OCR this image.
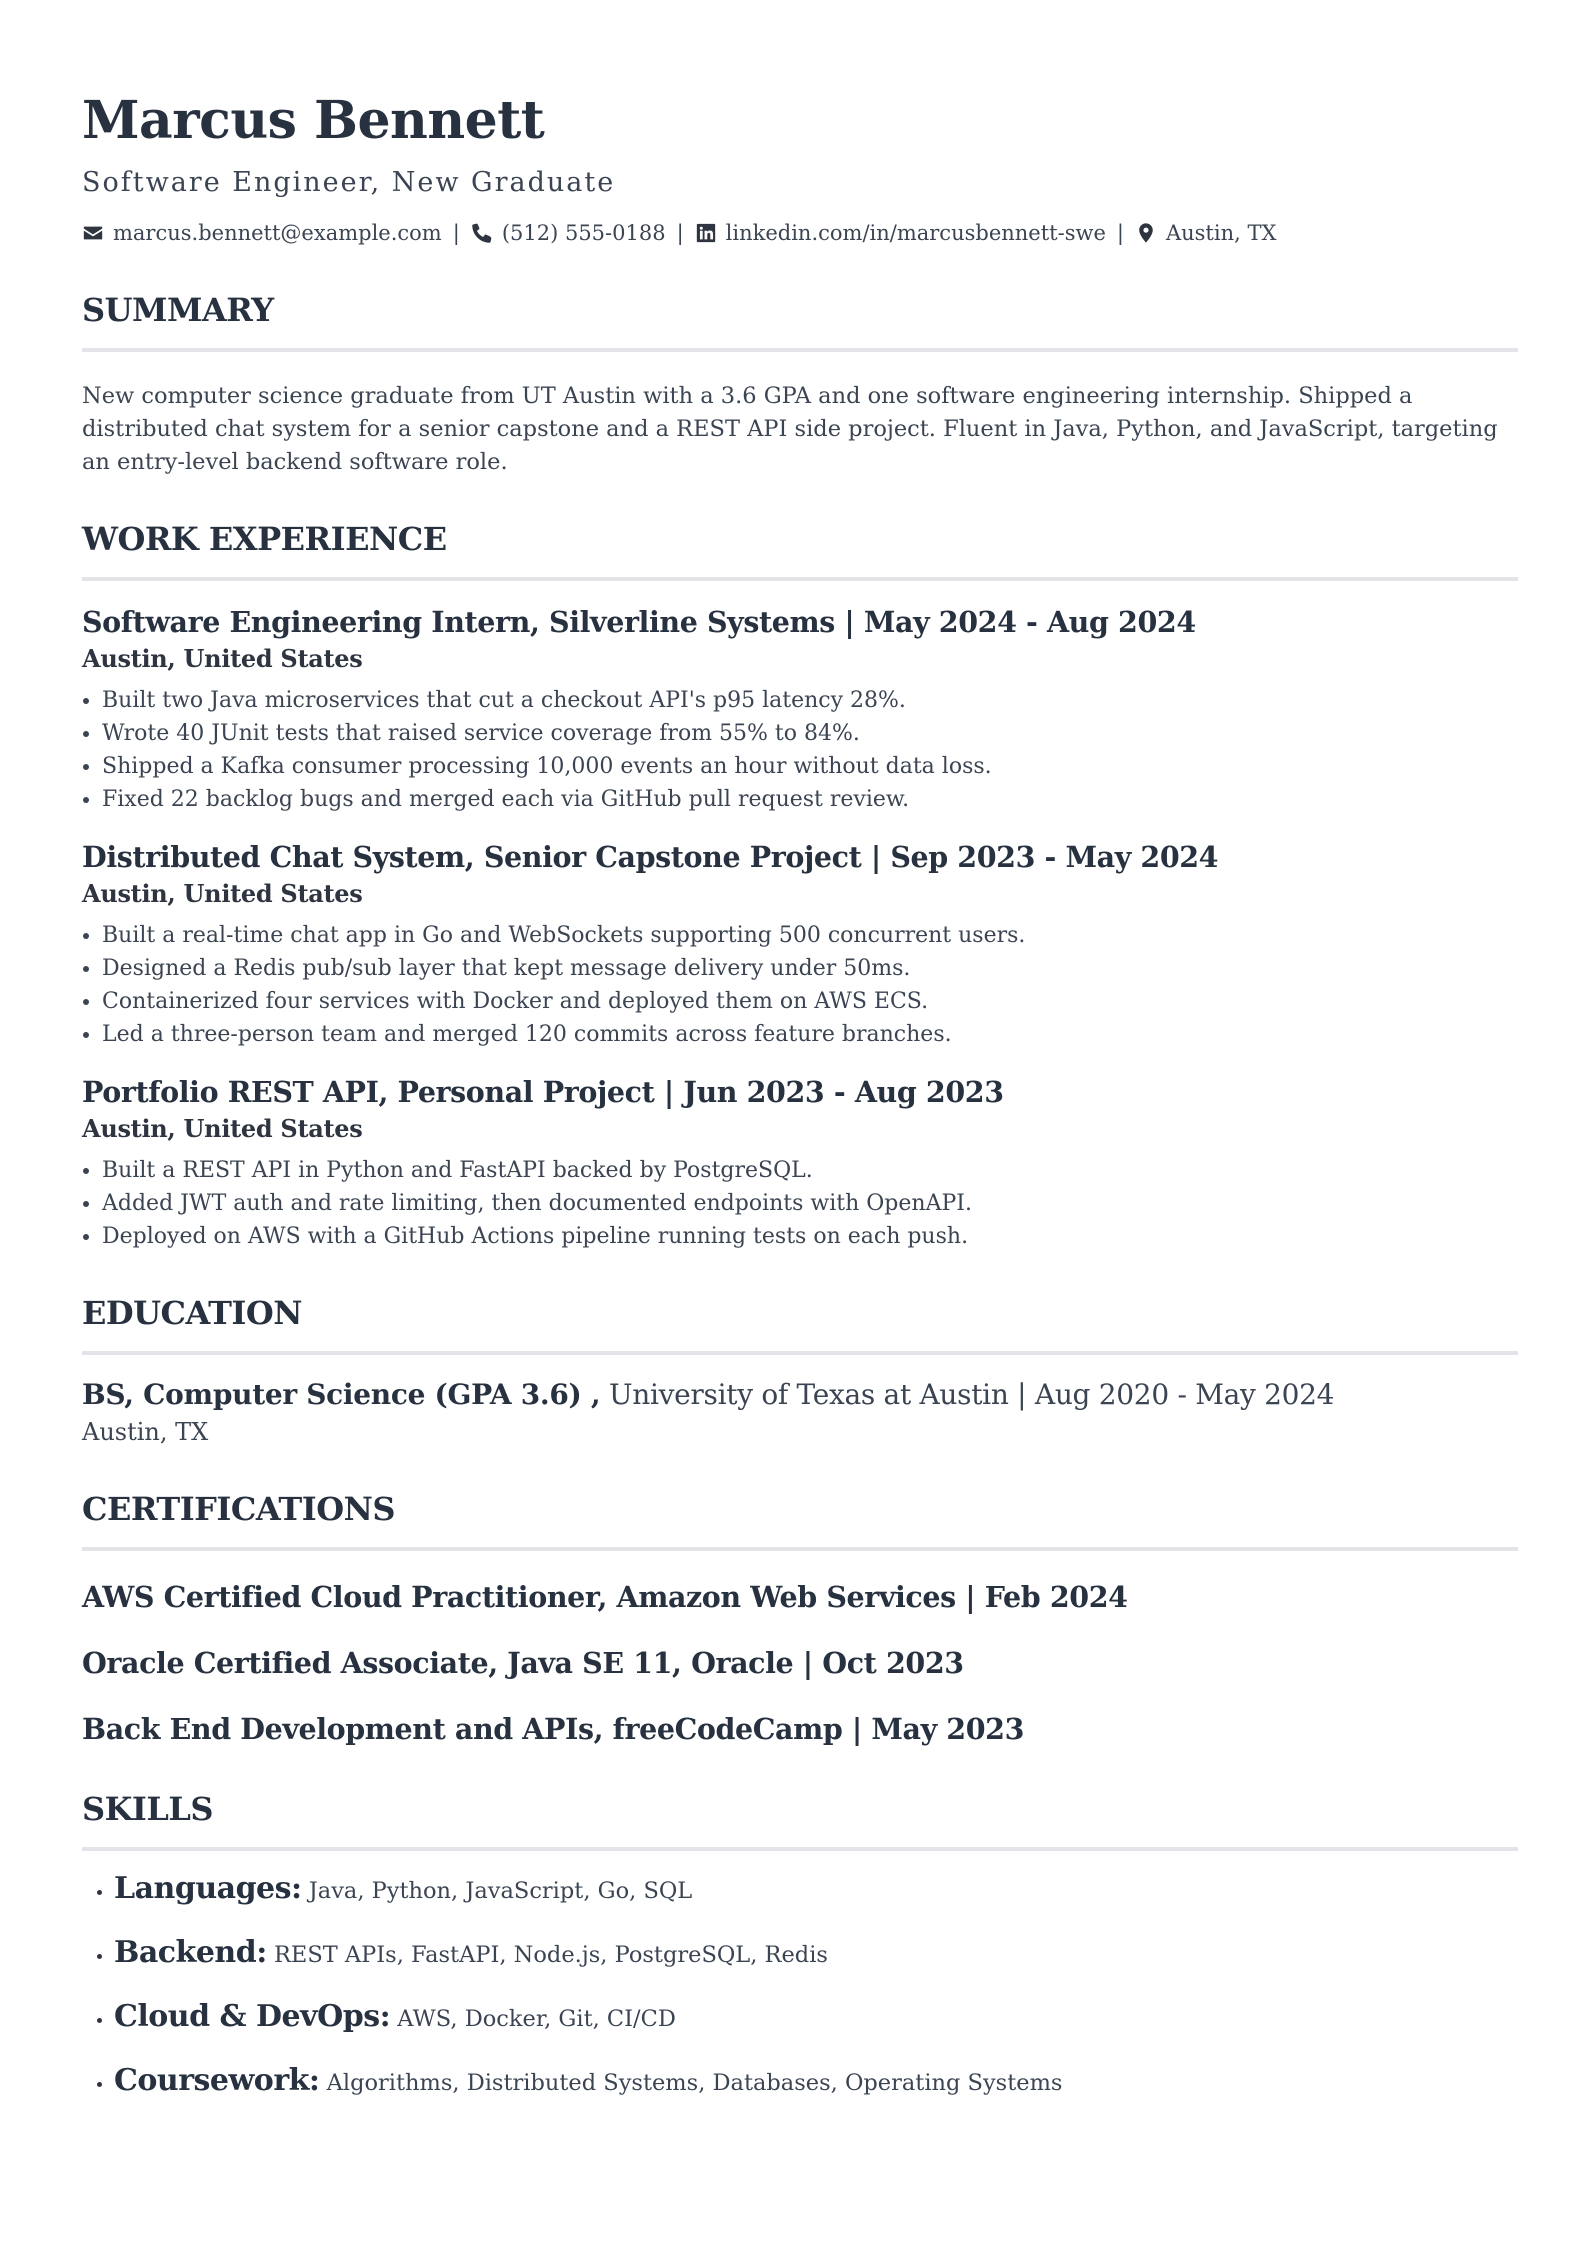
Marcus Bennett
Software Engineer, New Graduate
marcus.bennett@example.com | (512) 555-0188 | linkedin.com/in/marcusbennett-swe | Austin, TX
SUMMARY

New computer science graduate from UT Austin with a 3.6 GPA and one software engineering internship. Shipped a distributed chat system for a senior capstone and a REST API side project. Fluent in Java, Python, and JavaScript, targeting an entry-level backend software role.

WORK EXPERIENCE
Software Engineering Intern, Silverline Systems | May 2024 - Aug 2024
Austin, United States
• Built two Java microservices that cut a checkout API's p95 latency 28%.
• Wrote 40 JUnit tests that raised service coverage from 55% to 84%.
• Shipped a Kafka consumer processing 10,000 events an hour without data loss.
• Fixed 22 backlog bugs and merged each via GitHub pull request review.
Distributed Chat System, Senior Capstone Project | Sep 2023 - May 2024
Austin, United States
• Built a real-time chat app in Go and WebSockets supporting 500 concurrent users.
• Designed a Redis pub/sub layer that kept message delivery under 50ms.
• Containerized four services with Docker and deployed them on AWS ECS.
• Led a three-person team and merged 120 commits across feature branches.
Portfolio REST API, Personal Project | Jun 2023 - Aug 2023
Austin, United States
• Built a REST API in Python and FastAPI backed by PostgreSQL.
• Added JWT auth and rate limiting, then documented endpoints with OpenAPI.
• Deployed on AWS with a GitHub Actions pipeline running tests on each push.
EDUCATION
BS, Computer Science (GPA 3.6) , University of Texas at Austin | Aug 2020 - May 2024
Austin, TX
CERTIFICATIONS
AWS Certified Cloud Practitioner, Amazon Web Services | Feb 2024
Oracle Certified Associate, Java SE 11, Oracle | Oct 2023
Back End Development and APIs, freeCodeCamp | May 2023
SKILLS
• Languages: Java, Python, JavaScript, Go, SQL
• Backend: REST APIs, FastAPI, Node.js, PostgreSQL, Redis
• Cloud & DevOps: AWS, Docker, Git, CI/CD
• Coursework: Algorithms, Distributed Systems, Databases, Operating Systems
